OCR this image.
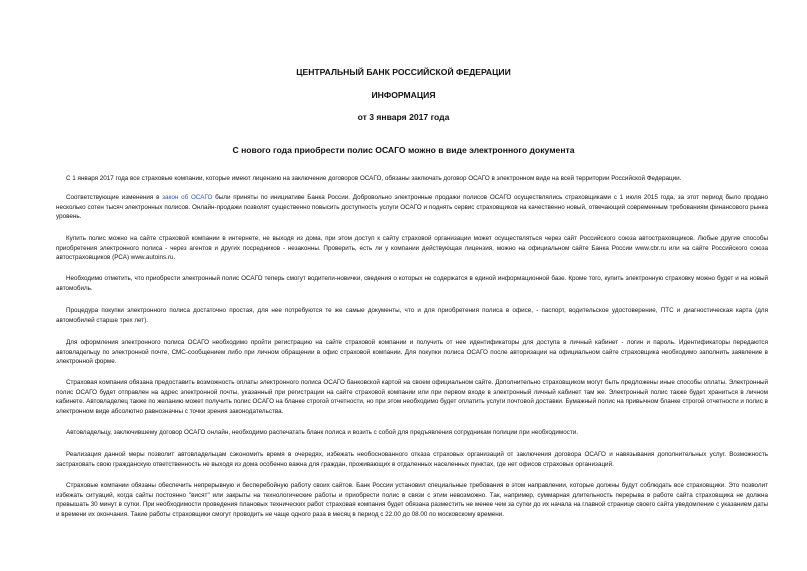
ЦЕНТРАЛЬНЫЙ БАНК РОССИЙСКОЙ ФЕДЕРАЦИИ
ИНФОРМАЦИЯ
от 3 января 2017 года
С нового года приобрести полис ОСАГО можно в виде электронного документа

С 1 января 2017 года все страховые компании, которые имеют лицензию на заключение договоров ОСАГО, обязаны заключать договор ОСАГО в электронном виде на всей территории Российской Федерации.

Соответствующие изменения в закон об ОСАГО были приняты по инициативе Банка России. Добровольно электронные продажи полисов ОСАГО осуществлялись страховщиками с 1 июля 2015 года, за этот период было продано несколько сотен тысяч электронных полисов. Онлайн-продажи позволят существенно повысить доступность услуги ОСАГО и поднять сервис страховщиков на качественно новый, отвечающий современным требованиям финансового рынка уровень.

Купить полис можно на сайте страховой компании в интернете, не выходя из дома, при этом доступ к сайту страховой организации может осуществляться через сайт Российского союза автостраховщиков. Любые другие способы приобретения электронного полиса - через агентов и других посредников - незаконны. Проверить, есть ли у компании действующая лицензия, можно на официальном сайте Банка России www.cbr.ru или на сайте Российского союза автостраховщиков (РСА) www.autoins.ru.

Необходимо отметить, что приобрести электронный полис ОСАГО теперь смогут водители-новички, сведения о которых не содержатся в единой информационной базе. Кроме того, купить электронную страховку можно будет и на новый автомобиль.

Процедура покупки электронного полиса достаточно простая, для нее потребуются те же самые документы, что и для приобретения полиса в офисе, - паспорт, водительское удостоверение, ПТС и диагностическая карта (для автомобилей старше трех лет).

Для оформления электронного полиса ОСАГО необходимо пройти регистрацию на сайте страховой компании и получить от нее идентификаторы для доступа в личный кабинет - логин и пароль. Идентификаторы передаются автовладельцу по электронной почте, СМС-сообщением либо при личном обращении в офис страховой компании. Для покупки полиса ОСАГО после авторизации на официальном сайте страховщика необходимо заполнить заявление в электронной форме.

Страховая компания обязана предоставить возможность оплаты электронного полиса ОСАГО банковской картой на своем официальном сайте. Дополнительно страховщиком могут быть предложены иные способы оплаты. Электронный полис ОСАГО будет отправлен на адрес электронной почты, указанный при регистрации на сайте страховой компании или при первом входе в электронный личный кабинет там же. Электронный полис также будет храниться в личном кабинете. Автовладелец также по желанию может получить полис ОСАГО на бланке строгой отчетности, но при этом необходимо будет оплатить услуги почтовой доставки. Бумажный полис на привычном бланке строгой отчетности и полис в электронном виде абсолютно равнозначны с точки зрения законодательства.

Автовладельцу, заключившему договор ОСАГО онлайн, необходимо распечатать бланк полиса и возить с собой для предъявления сотрудникам полиции при необходимости.

Реализация данной меры позволит автовладельцам сэкономить время в очередях, избежать необоснованного отказа страховых организаций от заключения договора ОСАГО и навязывания дополнительных услуг. Возможность застраховать свою гражданскую ответственность не выходя из дома особенно важна для граждан, проживающих в отдаленных населенных пунктах, где нет офисов страховых организаций.

Страховые компании обязаны обеспечить непрерывную и бесперебойную работу своих сайтов. Банк России установил специальные требования в этом направлении, которые должны будут соблюдать все страховщики. Это позволит избежать ситуаций, когда сайты постоянно "висят" или закрыты на технологические работы и приобрести полис в связи с этим невозможно. Так, например, суммарная длительность перерыва в работе сайта страховщика не должна превышать 30 минут в сутки. При необходимости проведения плановых технических работ страховая компания будет обязана разместить не менее чем за сутки до их начала на главной странице своего сайта уведомление с указанием даты и времени их окончания. Такие работы страховщики смогут проводить не чаще одного раза в месяц в период с 22.00 до 08.00 по московскому времени.
